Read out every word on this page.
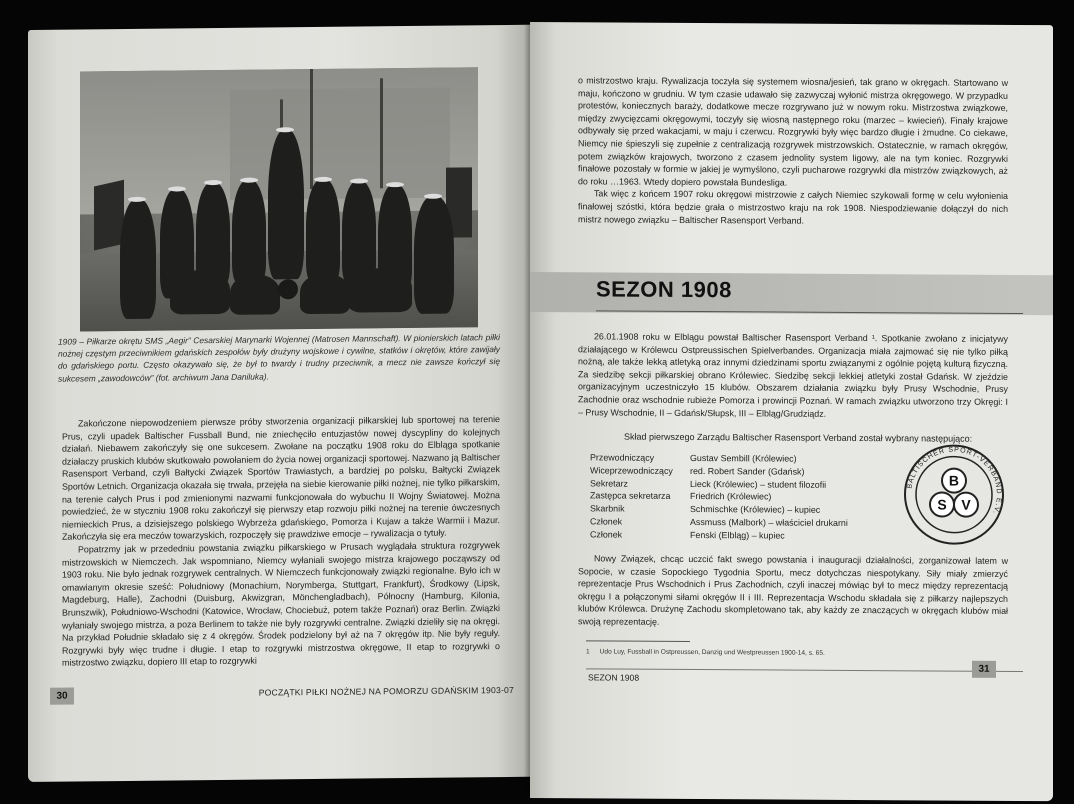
1909 – Piłkarze okrętu SMS „Aegir” Cesarskiej Marynarki Wojennej (Matrosen Mannschaft). W pionierskich latach piłki nożnej częstym przeciwnikiem gdańskich zespołów były drużyny wojskowe i cywilne, statków i okrętów, które zawijały do gdańskiego portu. Często okazywało się, że był to twardy i trudny przeciwnik, a mecz nie zawsze kończył się sukcesem „zawodowców” (fot. archiwum Jana Daniluka).

Zakończone niepowodzeniem pierwsze próby stworzenia organizacji piłkarskiej lub sportowej na terenie Prus, czyli upadek Baltischer Fussball Bund, nie zniechęciło entuzjastów nowej dyscypliny do kolejnych działań. Niebawem zakończyły się one sukcesem. Zwołane na początku 1908 roku do Elbląga spotkanie działaczy pruskich klubów skutkowało powołaniem do życia nowej organizacji sportowej. Nazwano ją Baltischer Rasensport Verband, czyli Bałtycki Związek Sportów Trawiastych, a bardziej po polsku, Bałtycki Związek Sportów Letnich. Organizacja okazała się trwała, przejęła na siebie kierowanie piłki nożnej, nie tylko piłkarskim, na terenie całych Prus i pod zmienionymi nazwami funkcjonowała do wybuchu II Wojny Światowej. Można powiedzieć, że w styczniu 1908 roku zakończył się pierwszy etap rozwoju piłki nożnej na terenie ówczesnych niemieckich Prus, a dzisiejszego polskiego Wybrzeża gdańskiego, Pomorza i Kujaw a także Warmii i Mazur. Zakończyła się era meczów towarzyskich, rozpoczęły się prawdziwe emocje – rywalizacja o tytuły.

Popatrzmy jak w przededniu powstania związku piłkarskiego w Prusach wyglądała struktura rozgrywek mistrzowskich w Niemczech. Jak wspomniano, Niemcy wyłaniali swojego mistrza krajowego począwszy od 1903 roku. Nie było jednak rozgrywek centralnych. W Niemczech funkcjonowały związki regionalne. Było ich w omawianym okresie sześć: Południowy (Monachium, Norymberga, Stuttgart, Frankfurt), Środkowy (Lipsk, Magdeburg, Halle), Zachodni (Duisburg, Akwizgran, Mönchengladbach), Północny (Hamburg, Kilonia, Brunszwik), Południowo-Wschodni (Katowice, Wrocław, Chociebuż, potem także Poznań) oraz Berlin. Związki wyłaniały swojego mistrza, a poza Berlinem to także nie były rozgrywki centralne. Związki dzieliły się na okręgi. Na przykład Południe składało się z 4 okręgów. Środek podzielony był aż na 7 okręgów itp. Nie były reguły. Rozgrywki były więc trudne i długie. I etap to rozgrywki mistrzostwa okręgowe, II etap to rozgrywki o mistrzostwo związku, dopiero III etap to rozgrywki

30	POCZĄTKI PIŁKI NOŻNEJ NA POMORZU GDAŃSKIM 1903-07

o mistrzostwo kraju. Rywalizacja toczyła się systemem wiosna/jesień, tak grano w okręgach. Startowano w maju, kończono w grudniu. W tym czasie udawało się zazwyczaj wyłonić mistrza okręgowego. W przypadku protestów, koniecznych baraży, dodatkowe mecze rozgrywano już w nowym roku. Mistrzostwa związkowe, między zwycięzcami okręgowymi, toczyły się wiosną następnego roku (marzec – kwiecień). Finały krajowe odbywały się przed wakacjami, w maju i czerwcu. Rozgrywki były więc bardzo długie i żmudne. Co ciekawe, Niemcy nie śpieszyli się zupełnie z centralizacją rozgrywek mistrzowskich. Ostatecznie, w ramach okręgów, potem związków krajowych, tworzono z czasem jednolity system ligowy, ale na tym koniec. Rozgrywki finałowe pozostały w formie w jakiej je wymyślono, czyli pucharowe rozgrywki dla mistrzów związkowych, aż do roku …1963. Wtedy dopiero powstała Bundesliga.

Tak więc z końcem 1907 roku okręgowi mistrzowie z całych Niemiec szykowali formę w celu wyłonienia finałowej szóstki, która będzie grała o mistrzostwo kraju na rok 1908. Niespodziewanie dołączył do nich mistrz nowego związku – Baltischer Rasensport Verband.

SEZON 1908

26.01.1908 roku w Elblągu powstał Baltischer Rasensport Verband ¹. Spotkanie zwołano z inicjatywy działającego w Królewcu Ostpreussischen Spielverbandes. Organizacja miała zajmować się nie tylko piłką nożną, ale także lekką atletyką oraz innymi dziedzinami sportu związanymi z ogólnie pojętą kulturą fizyczną. Za siedzibę sekcji piłkarskiej obrano Królewiec. Siedzibę sekcji lekkiej atletyki został Gdańsk. W zjeździe organizacyjnym uczestniczyło 15 klubów. Obszarem działania związku były Prusy Wschodnie, Prusy Zachodnie oraz wschodnie rubieże Pomorza i prowincji Poznań. W ramach związku utworzono trzy Okręgi: I – Prusy Wschodnie, II – Gdańsk/Słupsk, III – Elbląg/Grudziądz.

Skład pierwszego Zarządu Baltischer Rasensport Verband został wybrany następująco:
Przewodniczący	Gustav Sembill (Królewiec)
Wiceprzewodniczący	red. Robert Sander (Gdańsk)
Sekretarz	Lieck (Królewiec) – student filozofii
Zastępca sekretarza	Friedrich (Królewiec)
Skarbnik	Schmischke (Królewiec) – kupiec
Członek	Assmuss (Malbork) – właściciel drukarni
Członek	Fenski (Elbląg) – kupiec
BALTISCHER SPORT-VERBAND E.V.
B
S V

Nowy Związek, chcąc uczcić fakt swego powstania i inauguracji działalności, zorganizował latem w Sopocie, w czasie Sopockiego Tygodnia Sportu, mecz dotychczas niespotykany. Siły miały zmierzyć reprezentacje Prus Wschodnich i Prus Zachodnich, czyli inaczej mówiąc był to mecz między reprezentacją okręgu I a połączonymi siłami okręgów II i III. Reprezentacja Wschodu składała się z piłkarzy najlepszych klubów Królewca. Drużynę Zachodu skompletowano tak, aby każdy ze znaczących w okręgach klubów miał swoją reprezentację.

1 Udo Luy, Fussball in Ostpreussen, Danzig und Westpreussen 1900-14, s. 65.
SEZON 1908
31
